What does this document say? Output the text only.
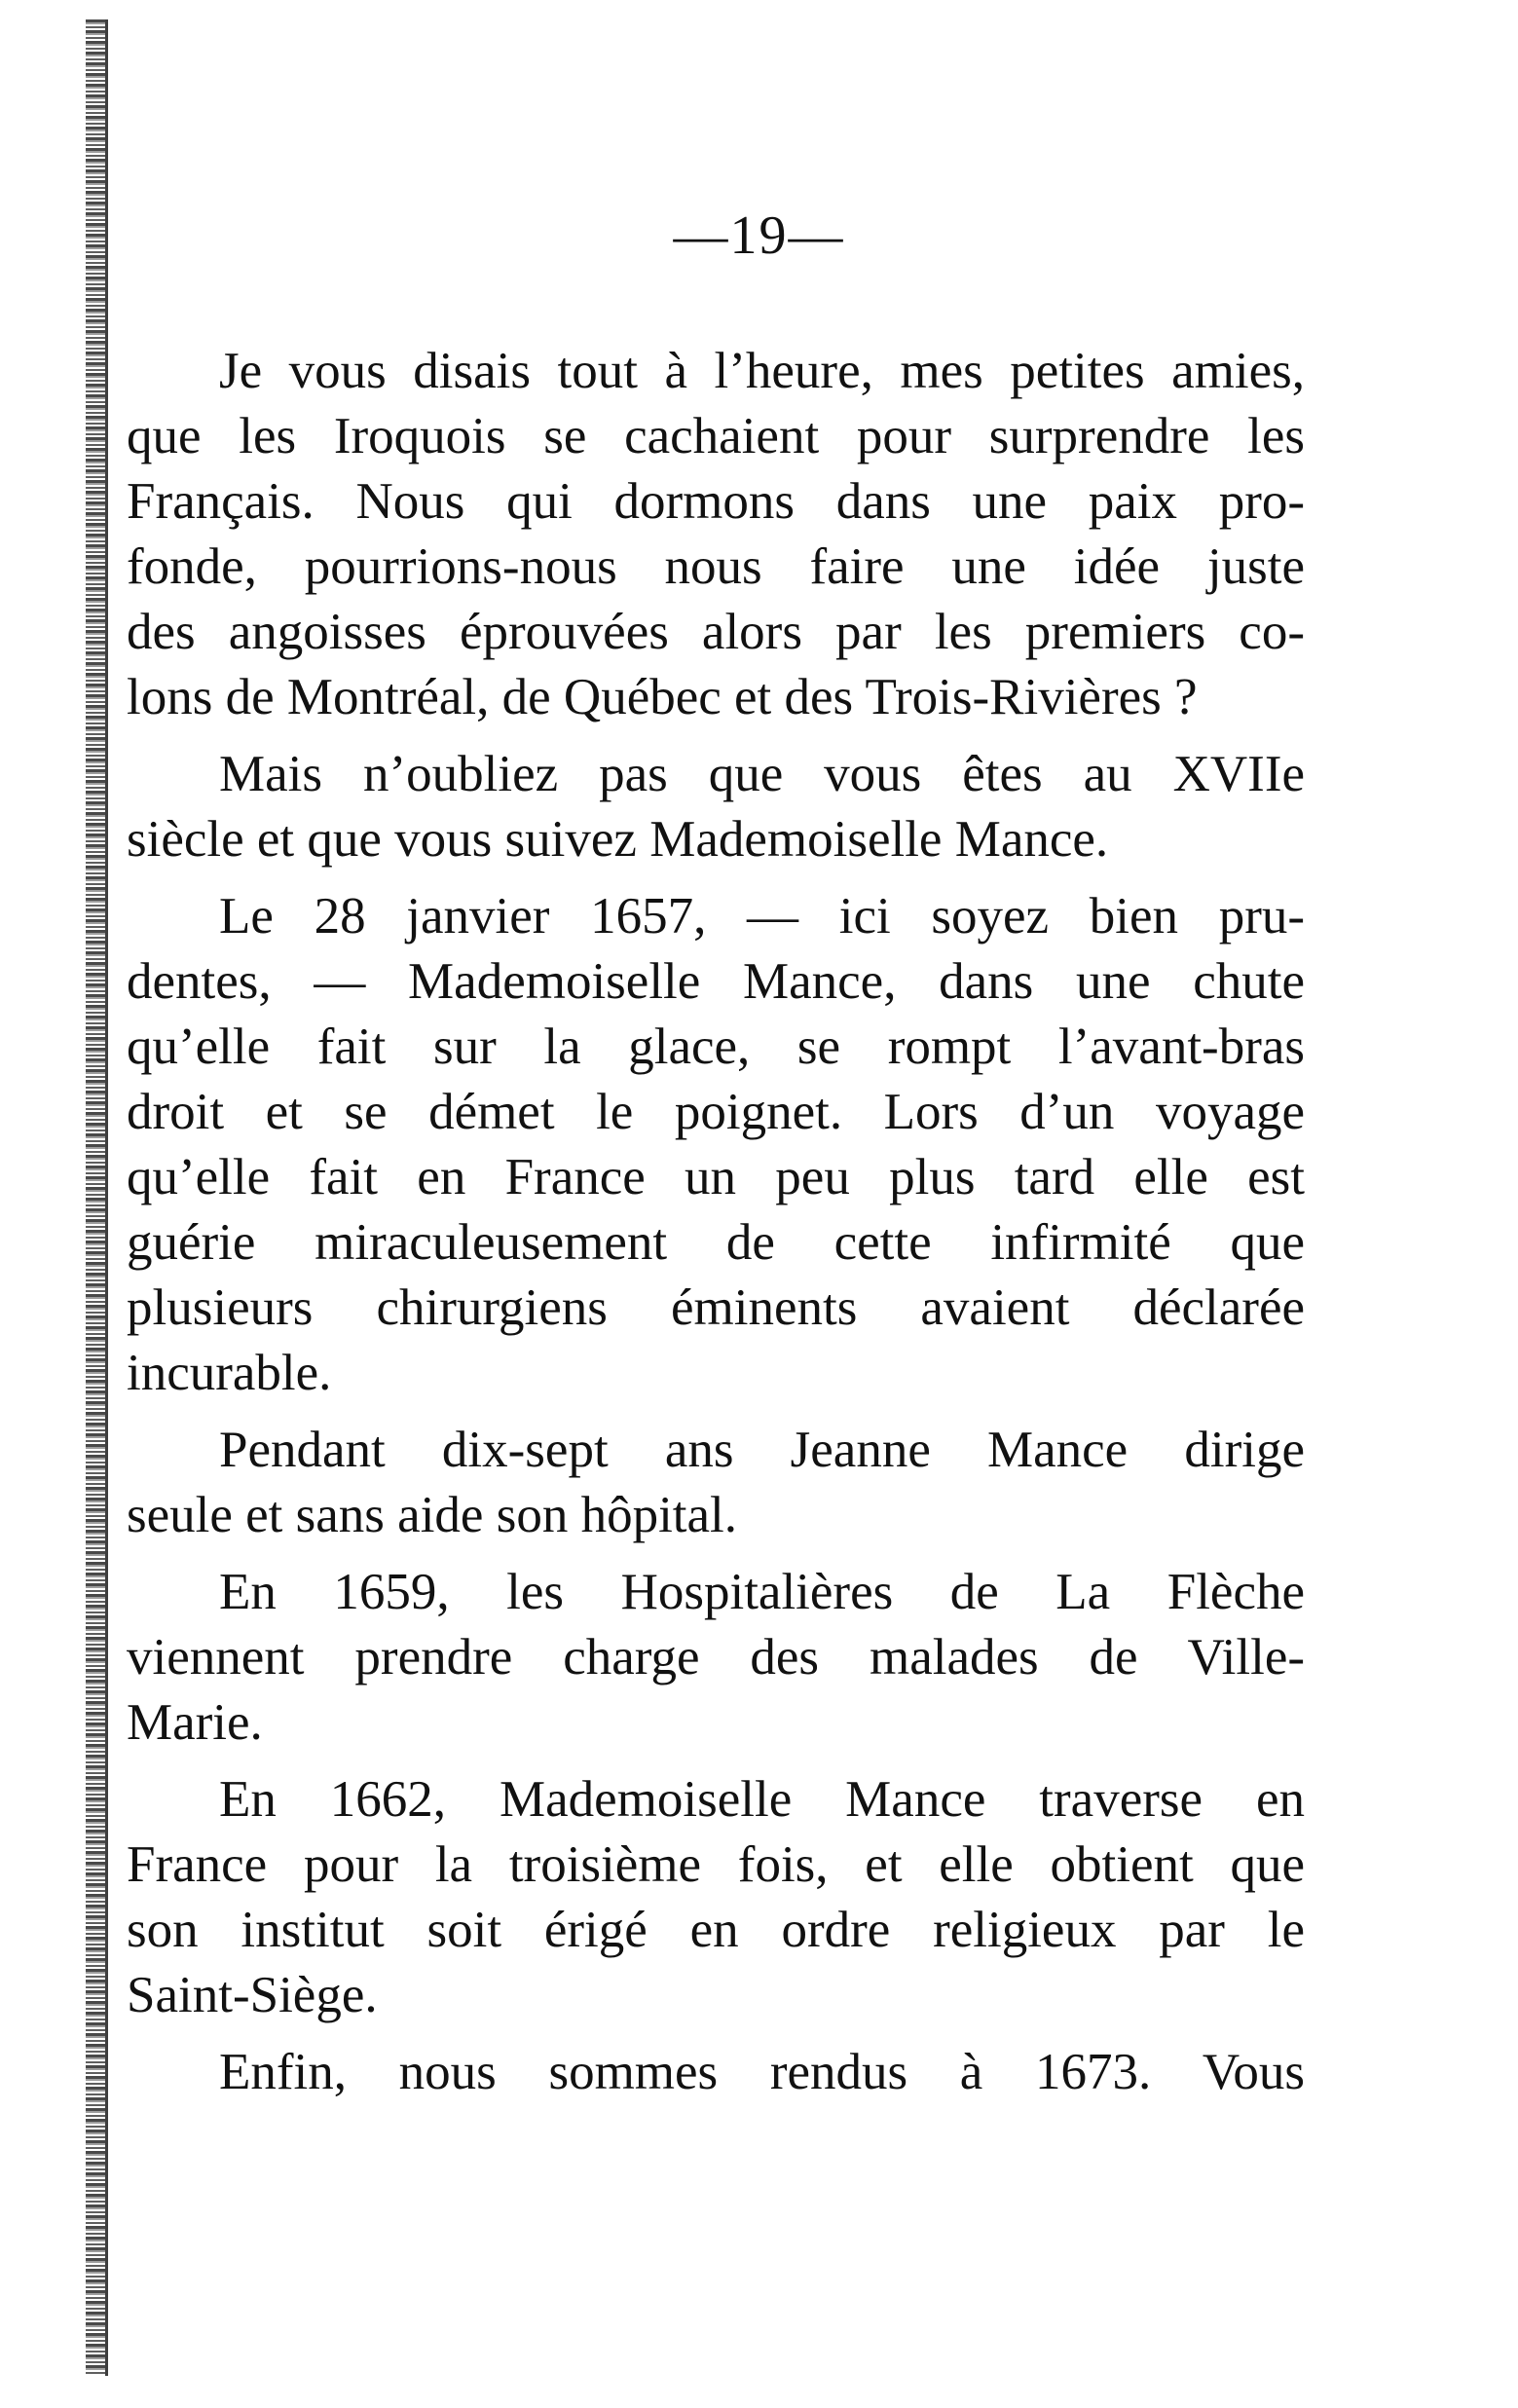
—19—
Je vous disais tout à l’heure, mes petites amies,
que les Iroquois se cachaient pour surprendre les
Français. Nous qui dormons dans une paix pro-
fonde, pourrions-nous nous faire une idée juste
des angoisses éprouvées alors par les premiers co-
lons de Montréal, de Québec et des Trois-Rivières ?
Mais n’oubliez pas que vous êtes au XVIIe
siècle et que vous suivez Mademoiselle Mance.
Le 28 janvier 1657, — ici soyez bien pru-
dentes, — Mademoiselle Mance, dans une chute
qu’elle fait sur la glace, se rompt l’avant-bras
droit et se démet le poignet. Lors d’un voyage
qu’elle fait en France un peu plus tard elle est
guérie miraculeusement de cette infirmité que
plusieurs chirurgiens éminents avaient déclarée
incurable.
Pendant dix-sept ans Jeanne Mance dirige
seule et sans aide son hôpital.
En 1659, les Hospitalières de La Flèche
viennent prendre charge des malades de Ville-
Marie.
En 1662, Mademoiselle Mance traverse en
France pour la troisième fois, et elle obtient que
son institut soit érigé en ordre religieux par le
Saint-Siège.
Enfin, nous sommes rendus à 1673. Vous
